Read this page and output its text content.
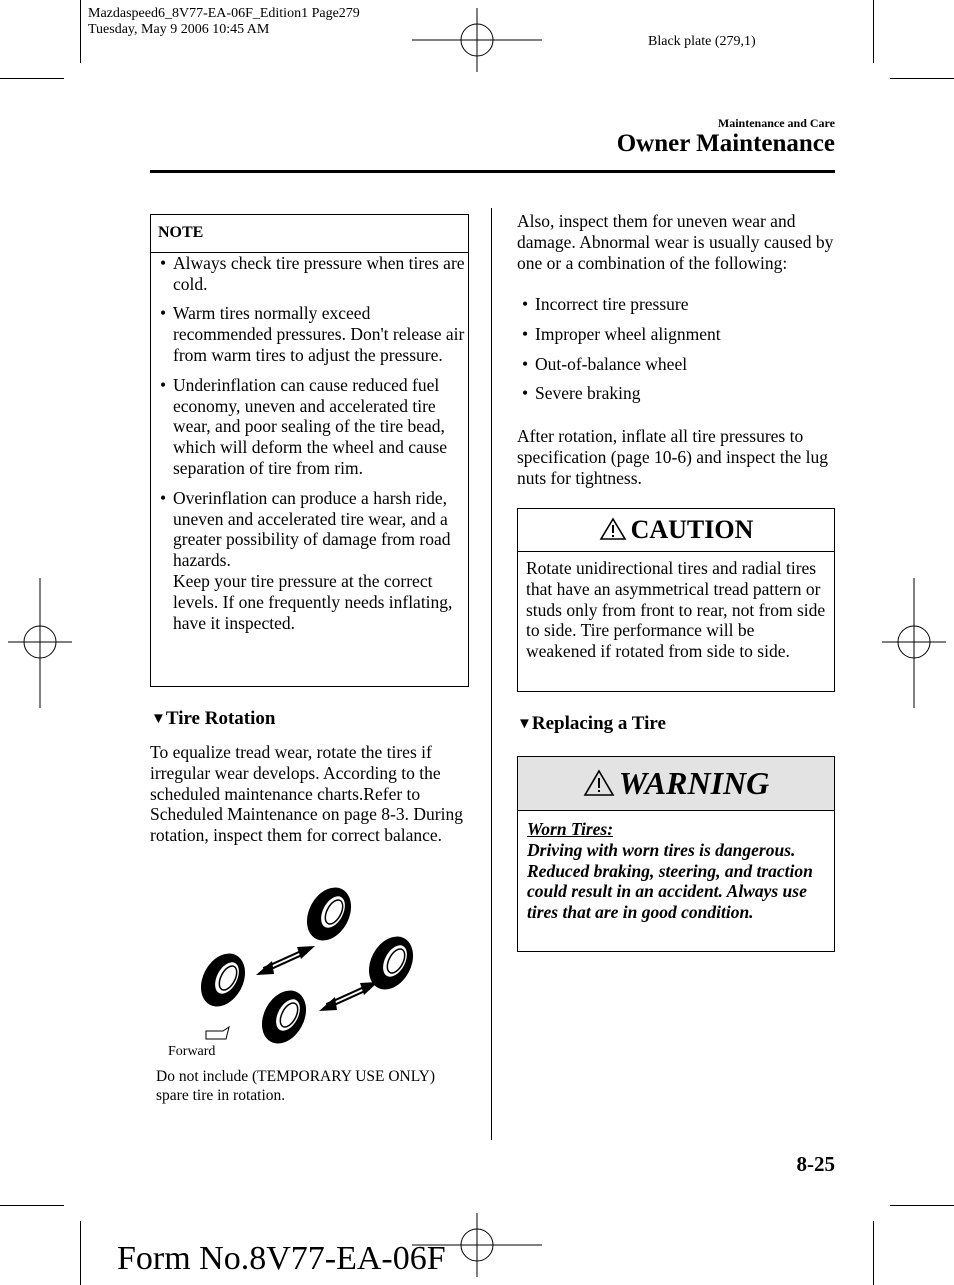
Mazdaspeed6_8V77-EA-06F_Edition1 Page279
Tuesday, May 9 2006 10:45 AM
Black plate (279,1)
Maintenance and Care
Owner Maintenance
NOTE
• Always check tire pressure when tires are cold.
• Warm tires normally exceed recommended pressures. Don't release air from warm tires to adjust the pressure.
• Underinflation can cause reduced fuel economy, uneven and accelerated tire wear, and poor sealing of the tire bead, which will deform the wheel and cause separation of tire from rim.
• Overinflation can produce a harsh ride, uneven and accelerated tire wear, and a greater possibility of damage from road hazards.
Keep your tire pressure at the correct levels. If one frequently needs inflating, have it inspected.
▼Tire Rotation
To equalize tread wear, rotate the tires if irregular wear develops. According to the scheduled maintenance charts.Refer to Scheduled Maintenance on page 8-3. During rotation, inspect them for correct balance.
Forward
Do not include (TEMPORARY USE ONLY) spare tire in rotation.
Also, inspect them for uneven wear and damage. Abnormal wear is usually caused by one or a combination of the following:
• Incorrect tire pressure
• Improper wheel alignment
• Out-of-balance wheel
• Severe braking
After rotation, inflate all tire pressures to specification (page 10-6) and inspect the lug nuts for tightness.
CAUTION
Rotate unidirectional tires and radial tires that have an asymmetrical tread pattern or studs only from front to rear, not from side to side. Tire performance will be weakened if rotated from side to side.
▼Replacing a Tire
WARNING
Worn Tires:
Driving with worn tires is dangerous. Reduced braking, steering, and traction could result in an accident. Always use tires that are in good condition.
8-25
Form No.8V77-EA-06F
